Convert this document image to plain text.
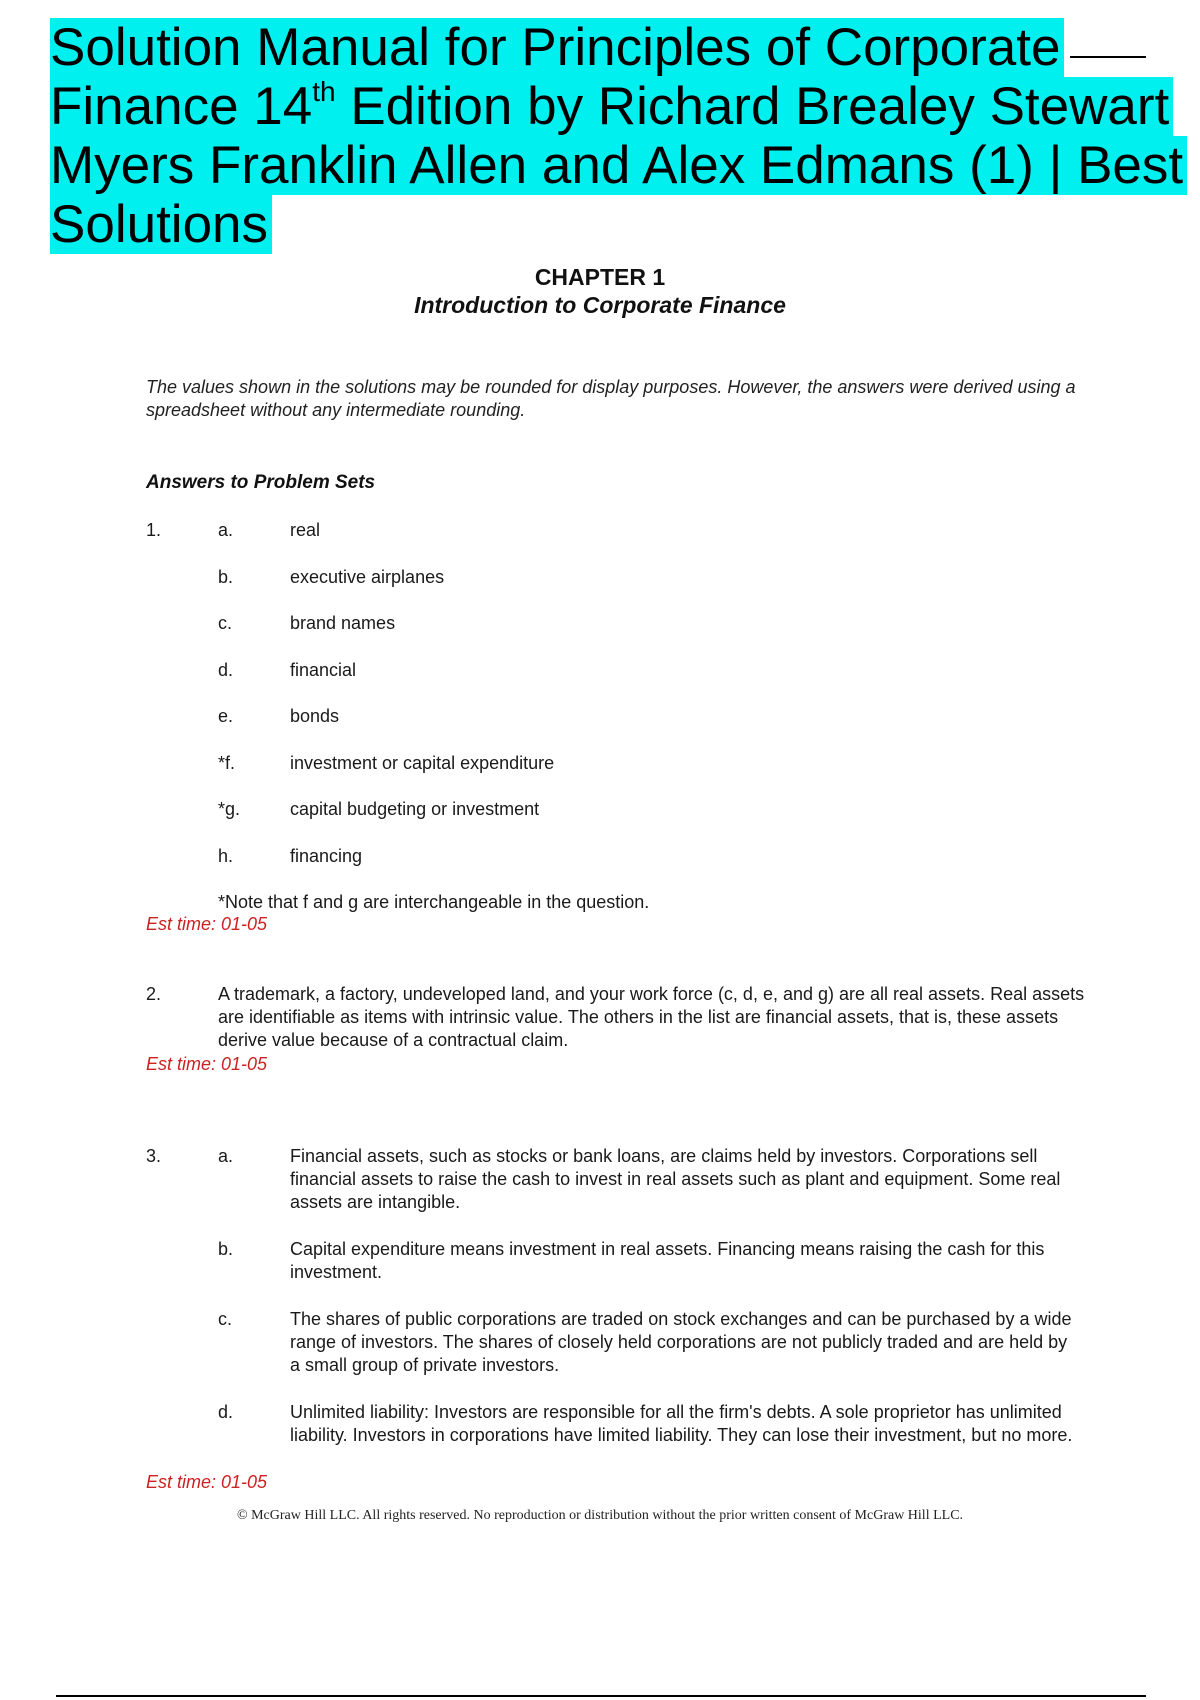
Solution Manual for Principles of Corporate
Finance 14th Edition by Richard Brealey Stewart
Myers Franklin Allen and Alex Edmans (1) | Best
Solutions
CHAPTER 1
Introduction to Corporate Finance
The values shown in the solutions may be rounded for display purposes. However, the answers were derived using a spreadsheet without any intermediate rounding.
Answers to Problem Sets
1.	a.	real
b.	executive airplanes
c.	brand names
d.	financial
e.	bonds
*f.	investment or capital expenditure
*g.	capital budgeting or investment
h.	financing
*Note that f and g are interchangeable in the question.
Est time: 01-05
2.	A trademark, a factory, undeveloped land, and your work force (c, d, e, and g) are all real assets. Real assets are identifiable as items with intrinsic value. The others in the list are financial assets, that is, these assets derive value because of a contractual claim.
Est time: 01-05
3.	a.	Financial assets, such as stocks or bank loans, are claims held by investors. Corporations sell financial assets to raise the cash to invest in real assets such as plant and equipment. Some real assets are intangible.
b.	Capital expenditure means investment in real assets. Financing means raising the cash for this investment.
c.	The shares of public corporations are traded on stock exchanges and can be purchased by a wide range of investors. The shares of closely held corporations are not publicly traded and are held by a small group of private investors.
d.	Unlimited liability: Investors are responsible for all the firm's debts. A sole proprietor has unlimited liability. Investors in corporations have limited liability. They can lose their investment, but no more.
Est time: 01-05
© McGraw Hill LLC. All rights reserved. No reproduction or distribution without the prior written consent of McGraw Hill LLC.
